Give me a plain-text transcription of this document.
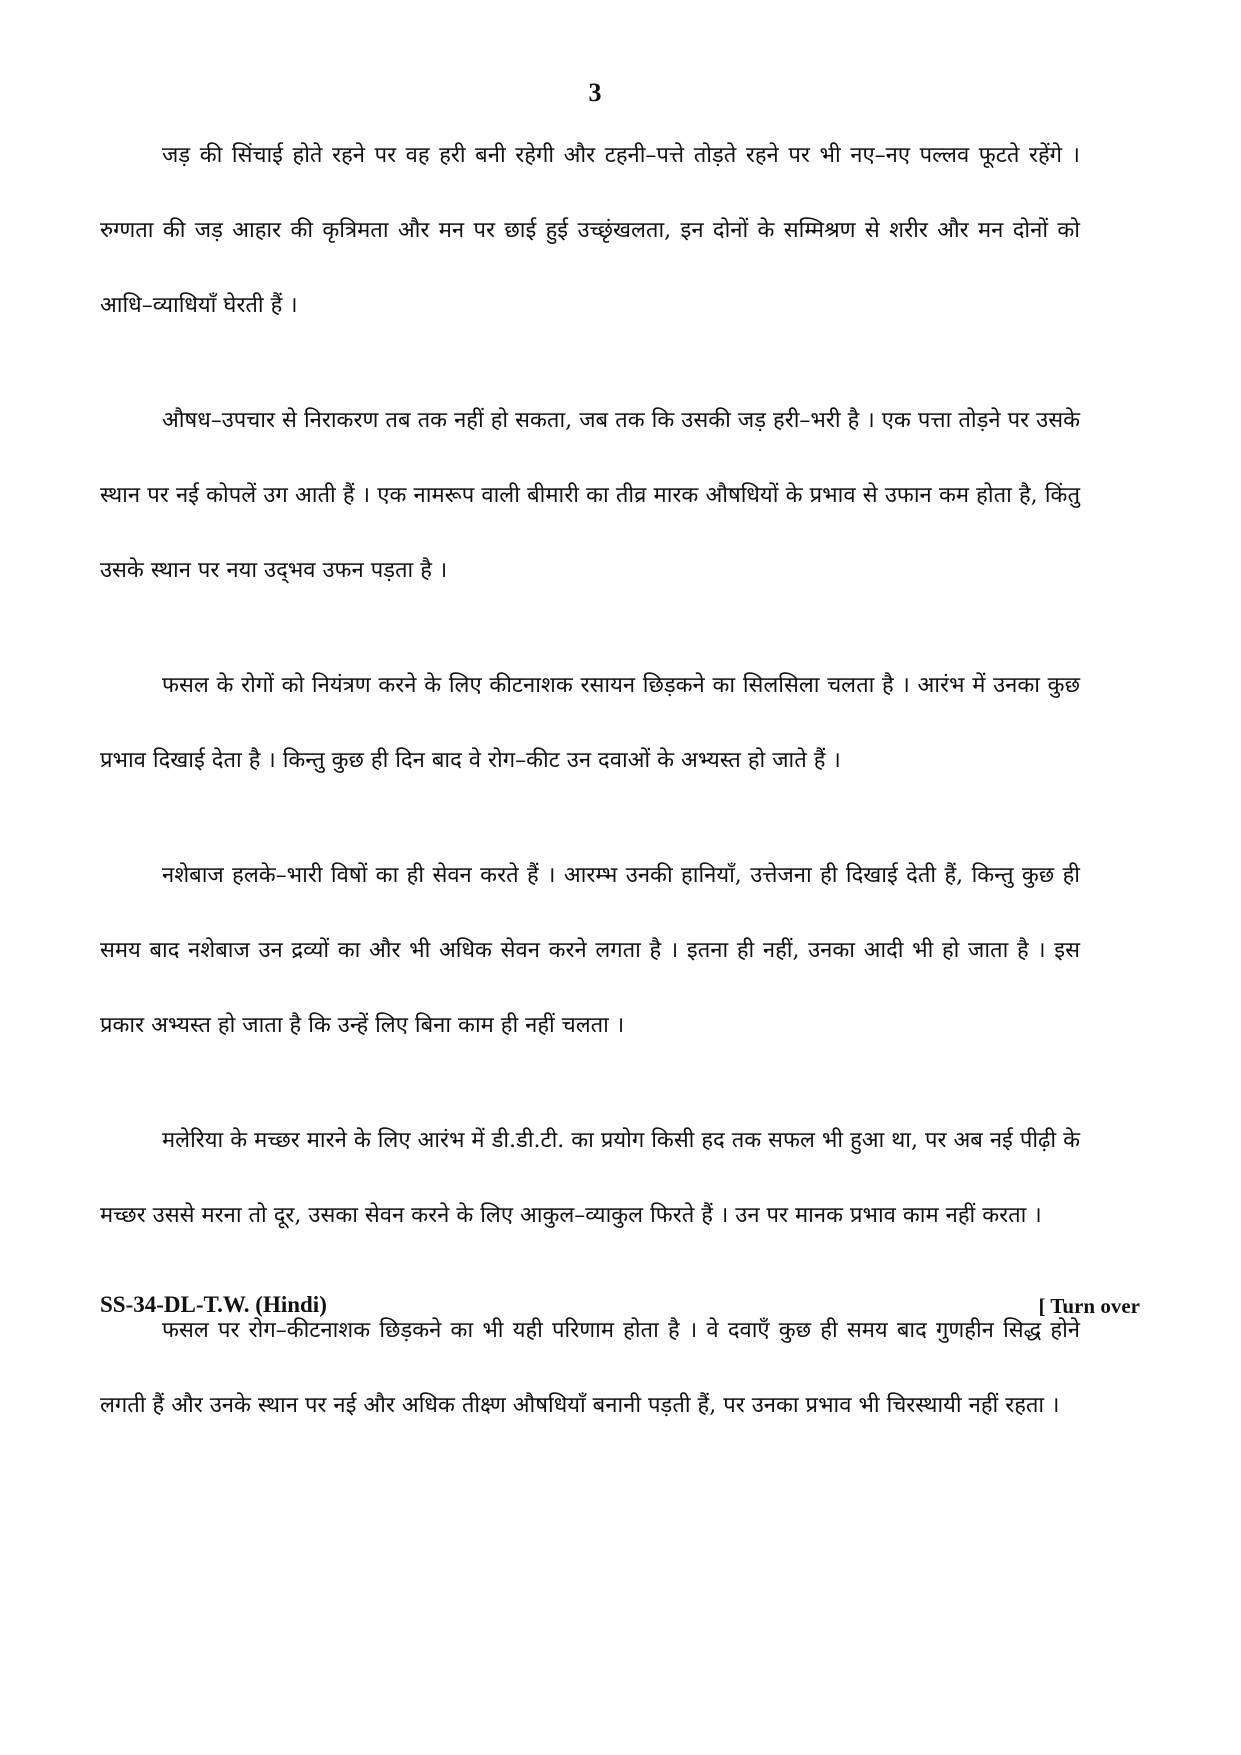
3

जड़ की सिंचाई होते रहने पर वह हरी बनी रहेगी और टहनी–पत्ते तोड़ते रहने पर भी नए–नए पल्लव फूटते रहेंगे । रुग्णता की जड़ आहार की कृत्रिमता और मन पर छाई हुई उच्छृंखलता, इन दोनों के सम्मिश्रण से शरीर और मन दोनों को आधि–व्याधियाँ घेरती हैं ।

औषध–उपचार से निराकरण तब तक नहीं हो सकता, जब तक कि उसकी जड़ हरी–भरी है । एक पत्ता तोड़ने पर उसके स्थान पर नई कोपलें उग आती हैं । एक नामरूप वाली बीमारी का तीव्र मारक औषधियों के प्रभाव से उफान कम होता है, किंतु उसके स्थान पर नया उद्‌भव उफन पड़ता है ।

फसल के रोगों को नियंत्रण करने के लिए कीटनाशक रसायन छिड़कने का सिलसिला चलता है । आरंभ में उनका कुछ प्रभाव दिखाई देता है । किन्तु कुछ ही दिन बाद वे रोग–कीट उन दवाओं के अभ्यस्त हो जाते हैं ।

नशेबाज हलके–भारी विषों का ही सेवन करते हैं । आरम्भ उनकी हानियाँ, उत्तेजना ही दिखाई देती हैं, किन्तु कुछ ही समय बाद नशेबाज उन द्रव्यों का और भी अधिक सेवन करने लगता है । इतना ही नहीं, उनका आदी भी हो जाता है । इस प्रकार अभ्यस्त हो जाता है कि उन्हें लिए बिना काम ही नहीं चलता ।

मलेरिया के मच्छर मारने के लिए आरंभ में डी.डी.टी. का प्रयोग किसी हद तक सफल भी हुआ था, पर अब नई पीढ़ी के मच्छर उससे मरना तो दूर, उसका सेवन करने के लिए आकुल–व्याकुल फिरते हैं । उन पर मानक प्रभाव काम नहीं करता ।

फसल पर रोग–कीटनाशक छिड़कने का भी यही परिणाम होता है । वे दवाएँ कुछ ही समय बाद गुणहीन सिद्ध होने लगती हैं और उनके स्थान पर नई और अधिक तीक्ष्ण औषधियाँ बनानी पड़ती हैं, पर उनका प्रभाव भी चिरस्थायी नहीं रहता ।

SS-34-DL-T.W. (Hindi)	[ Turn over
